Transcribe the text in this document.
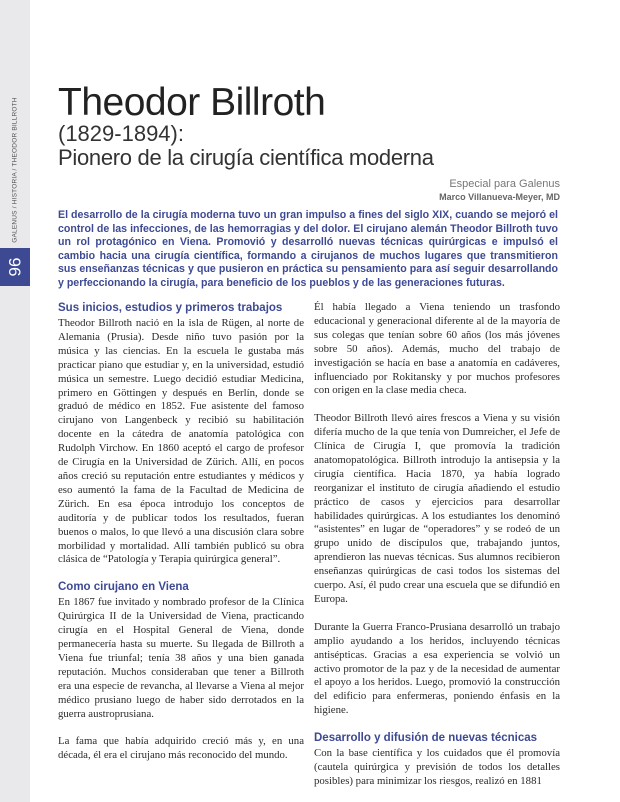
GALENUS / HISTORIA / THEODOR BILLROTH
96
Theodor Billroth
(1829-1894):
Pionero de la cirugía científica moderna
Especial para Galenus
Marco Villanueva-Meyer, MD

El desarrollo de la cirugía moderna tuvo un gran impulso a fines del siglo XIX, cuando se mejoró el control de las infecciones, de las hemorragias y del dolor. El cirujano alemán Theodor Billroth tuvo un rol protagónico en Viena. Promovió y desarrolló nuevas técnicas quirúrgicas e impulsó el cambio hacia una cirugía científica, formando a cirujanos de muchos lugares que transmitieron sus enseñanzas técnicas y que pusieron en práctica su pensamiento para así seguir desarrollando y perfeccionando la cirugía, para beneficio de los pueblos y de las generaciones futuras.

Sus inicios, estudios y primeros trabajos

Theodor Billroth nació en la isla de Rügen, al norte de Alemania (Prusia). Desde niño tuvo pasión por la música y las ciencias. En la escuela le gustaba más practicar piano que estudiar y, en la universidad, estudió música un semestre. Luego decidió estudiar Medicina, primero en Göttingen y después en Berlín, donde se graduó de médico en 1852. Fue asistente del famoso cirujano von Langenbeck y recibió su habilitación docente en la cátedra de anatomía patológica con Rudolph Virchow. En 1860 aceptó el cargo de profesor de Cirugía en la Universidad de Zürich. Allí, en pocos años creció su reputación entre estudiantes y médicos y eso aumentó la fama de la Facultad de Medicina de Zürich. En esa época introdujo los conceptos de auditoría y de publicar todos los resultados, fueran buenos o malos, lo que llevó a una discusión clara sobre morbilidad y mortalidad. Allí también publicó su obra clásica de “Patología y Terapia quirúrgica general”.

Como cirujano en Viena

En 1867 fue invitado y nombrado profesor de la Clínica Quirúrgica II de la Universidad de Viena, practicando cirugía en el Hospital General de Viena, donde permanecería hasta su muerte. Su llegada de Billroth a Viena fue triunfal; tenía 38 años y una bien ganada reputación. Muchos consideraban que tener a Billroth era una especie de revancha, al llevarse a Viena al mejor médico prusiano luego de haber sido derrotados en la guerra austroprusiana.

La fama que había adquirido creció más y, en una década, él era el cirujano más reconocido del mundo.

Él había llegado a Viena teniendo un trasfondo educacional y generacional diferente al de la mayoría de sus colegas que tenían sobre 60 años (los más jóvenes sobre 50 años). Además, mucho del trabajo de investigación se hacía en base a anatomía en cadáveres, influenciado por Rokitansky y por muchos profesores con origen en la clase media checa.

Theodor Billroth llevó aires frescos a Viena y su visión difería mucho de la que tenía von Dumreicher, el Jefe de Clínica de Cirugía I, que promovía la tradición anatomopatológica. Billroth introdujo la antisepsia y la cirugía científica. Hacia 1870, ya había logrado reorganizar el instituto de cirugía añadiendo el estudio práctico de casos y ejercicios para desarrollar habilidades quirúrgicas. A los estudiantes los denominó “asistentes” en lugar de “operadores” y se rodeó de un grupo unido de discípulos que, trabajando juntos, aprendieron las nuevas técnicas. Sus alumnos recibieron enseñanzas quirúrgicas de casi todos los sistemas del cuerpo. Así, él pudo crear una escuela que se difundió en Europa.

Durante la Guerra Franco-Prusiana desarrolló un trabajo amplio ayudando a los heridos, incluyendo técnicas antisépticas. Gracias a esa experiencia se volvió un activo promotor de la paz y de la necesidad de aumentar el apoyo a los heridos. Luego, promovió la construcción del edificio para enfermeras, poniendo énfasis en la higiene.

Desarrollo y difusión de nuevas técnicas

Con la base científica y los cuidados que él promovía (cautela quirúrgica y previsión de todos los detalles posibles) para minimizar los riesgos, realizó en 1881
